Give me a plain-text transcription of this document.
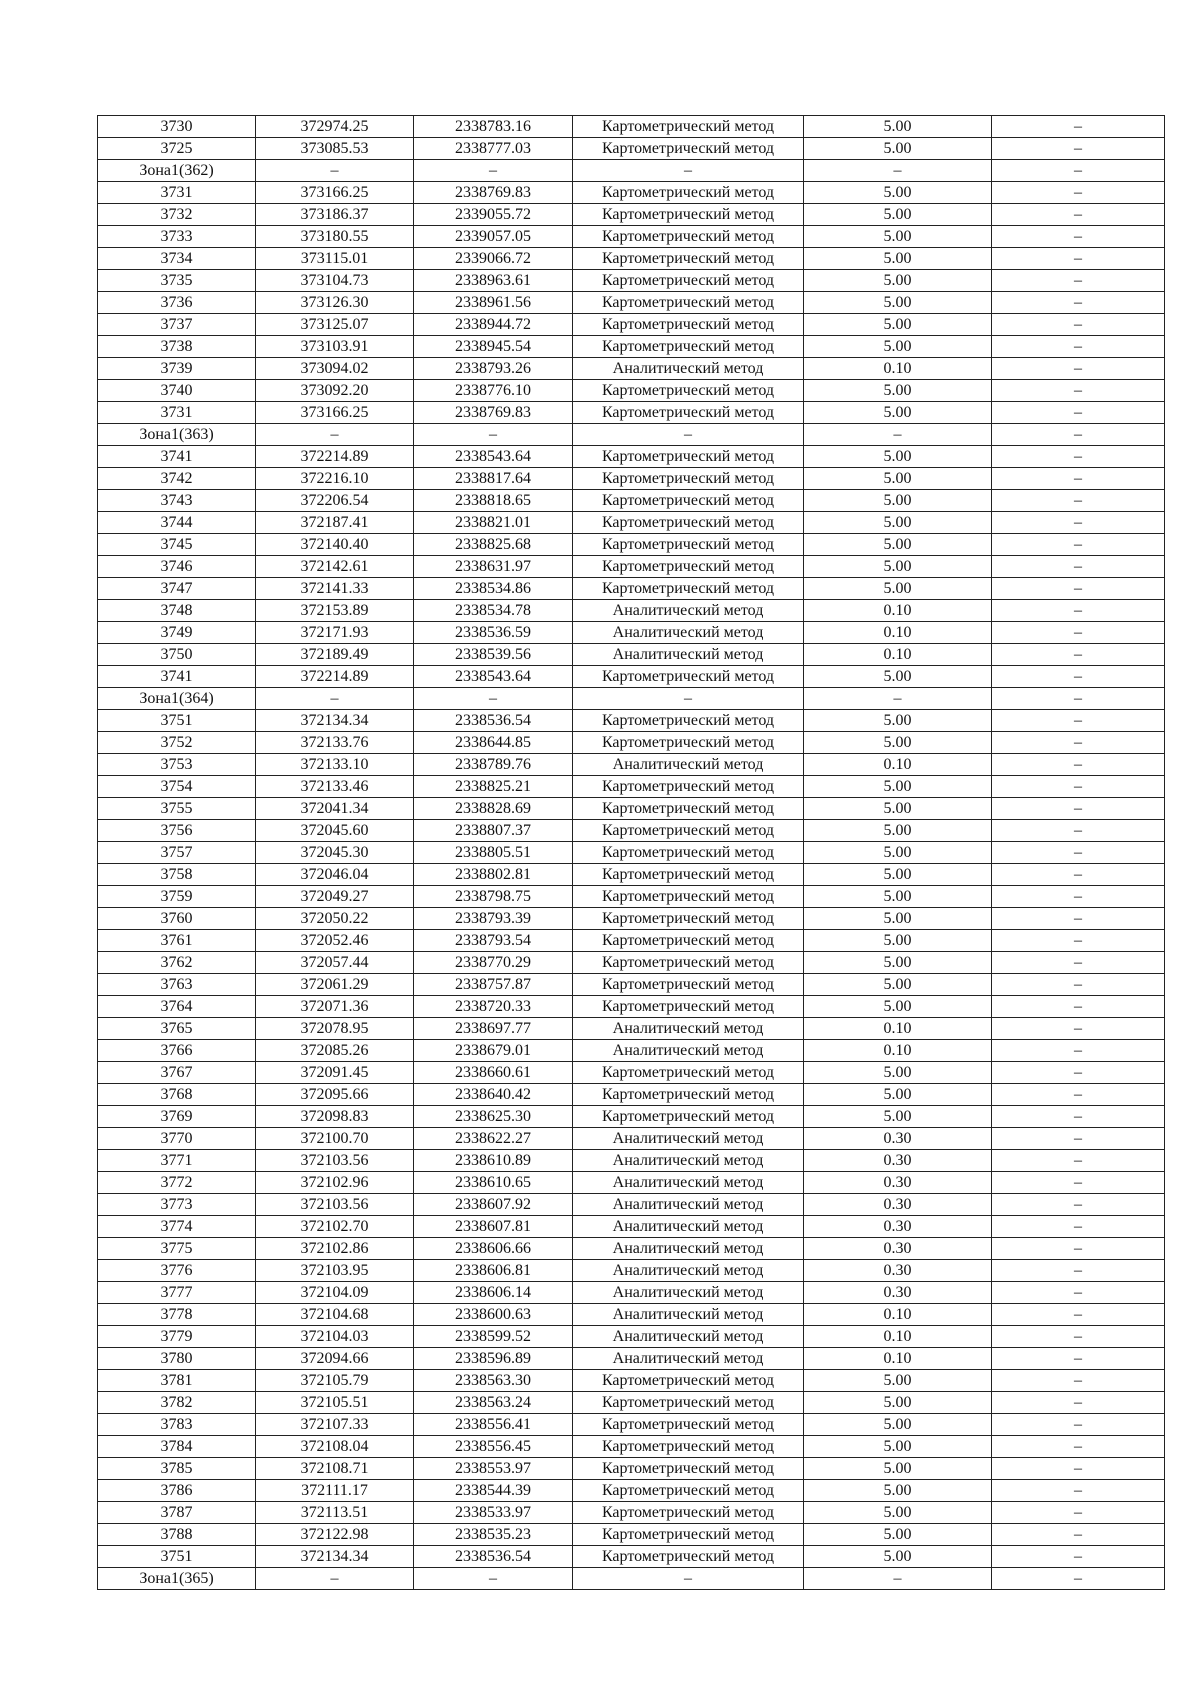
3730	372974.25	2338783.16	Картометрический метод	5.00	–
3725	373085.53	2338777.03	Картометрический метод	5.00	–
Зона1(362)	–	–	–	–	–
3731	373166.25	2338769.83	Картометрический метод	5.00	–
3732	373186.37	2339055.72	Картометрический метод	5.00	–
3733	373180.55	2339057.05	Картометрический метод	5.00	–
3734	373115.01	2339066.72	Картометрический метод	5.00	–
3735	373104.73	2338963.61	Картометрический метод	5.00	–
3736	373126.30	2338961.56	Картометрический метод	5.00	–
3737	373125.07	2338944.72	Картометрический метод	5.00	–
3738	373103.91	2338945.54	Картометрический метод	5.00	–
3739	373094.02	2338793.26	Аналитический метод	0.10	–
3740	373092.20	2338776.10	Картометрический метод	5.00	–
3731	373166.25	2338769.83	Картометрический метод	5.00	–
Зона1(363)	–	–	–	–	–
3741	372214.89	2338543.64	Картометрический метод	5.00	–
3742	372216.10	2338817.64	Картометрический метод	5.00	–
3743	372206.54	2338818.65	Картометрический метод	5.00	–
3744	372187.41	2338821.01	Картометрический метод	5.00	–
3745	372140.40	2338825.68	Картометрический метод	5.00	–
3746	372142.61	2338631.97	Картометрический метод	5.00	–
3747	372141.33	2338534.86	Картометрический метод	5.00	–
3748	372153.89	2338534.78	Аналитический метод	0.10	–
3749	372171.93	2338536.59	Аналитический метод	0.10	–
3750	372189.49	2338539.56	Аналитический метод	0.10	–
3741	372214.89	2338543.64	Картометрический метод	5.00	–
Зона1(364)	–	–	–	–	–
3751	372134.34	2338536.54	Картометрический метод	5.00	–
3752	372133.76	2338644.85	Картометрический метод	5.00	–
3753	372133.10	2338789.76	Аналитический метод	0.10	–
3754	372133.46	2338825.21	Картометрический метод	5.00	–
3755	372041.34	2338828.69	Картометрический метод	5.00	–
3756	372045.60	2338807.37	Картометрический метод	5.00	–
3757	372045.30	2338805.51	Картометрический метод	5.00	–
3758	372046.04	2338802.81	Картометрический метод	5.00	–
3759	372049.27	2338798.75	Картометрический метод	5.00	–
3760	372050.22	2338793.39	Картометрический метод	5.00	–
3761	372052.46	2338793.54	Картометрический метод	5.00	–
3762	372057.44	2338770.29	Картометрический метод	5.00	–
3763	372061.29	2338757.87	Картометрический метод	5.00	–
3764	372071.36	2338720.33	Картометрический метод	5.00	–
3765	372078.95	2338697.77	Аналитический метод	0.10	–
3766	372085.26	2338679.01	Аналитический метод	0.10	–
3767	372091.45	2338660.61	Картометрический метод	5.00	–
3768	372095.66	2338640.42	Картометрический метод	5.00	–
3769	372098.83	2338625.30	Картометрический метод	5.00	–
3770	372100.70	2338622.27	Аналитический метод	0.30	–
3771	372103.56	2338610.89	Аналитический метод	0.30	–
3772	372102.96	2338610.65	Аналитический метод	0.30	–
3773	372103.56	2338607.92	Аналитический метод	0.30	–
3774	372102.70	2338607.81	Аналитический метод	0.30	–
3775	372102.86	2338606.66	Аналитический метод	0.30	–
3776	372103.95	2338606.81	Аналитический метод	0.30	–
3777	372104.09	2338606.14	Аналитический метод	0.30	–
3778	372104.68	2338600.63	Аналитический метод	0.10	–
3779	372104.03	2338599.52	Аналитический метод	0.10	–
3780	372094.66	2338596.89	Аналитический метод	0.10	–
3781	372105.79	2338563.30	Картометрический метод	5.00	–
3782	372105.51	2338563.24	Картометрический метод	5.00	–
3783	372107.33	2338556.41	Картометрический метод	5.00	–
3784	372108.04	2338556.45	Картометрический метод	5.00	–
3785	372108.71	2338553.97	Картометрический метод	5.00	–
3786	372111.17	2338544.39	Картометрический метод	5.00	–
3787	372113.51	2338533.97	Картометрический метод	5.00	–
3788	372122.98	2338535.23	Картометрический метод	5.00	–
3751	372134.34	2338536.54	Картометрический метод	5.00	–
Зона1(365)	–	–	–	–	–
